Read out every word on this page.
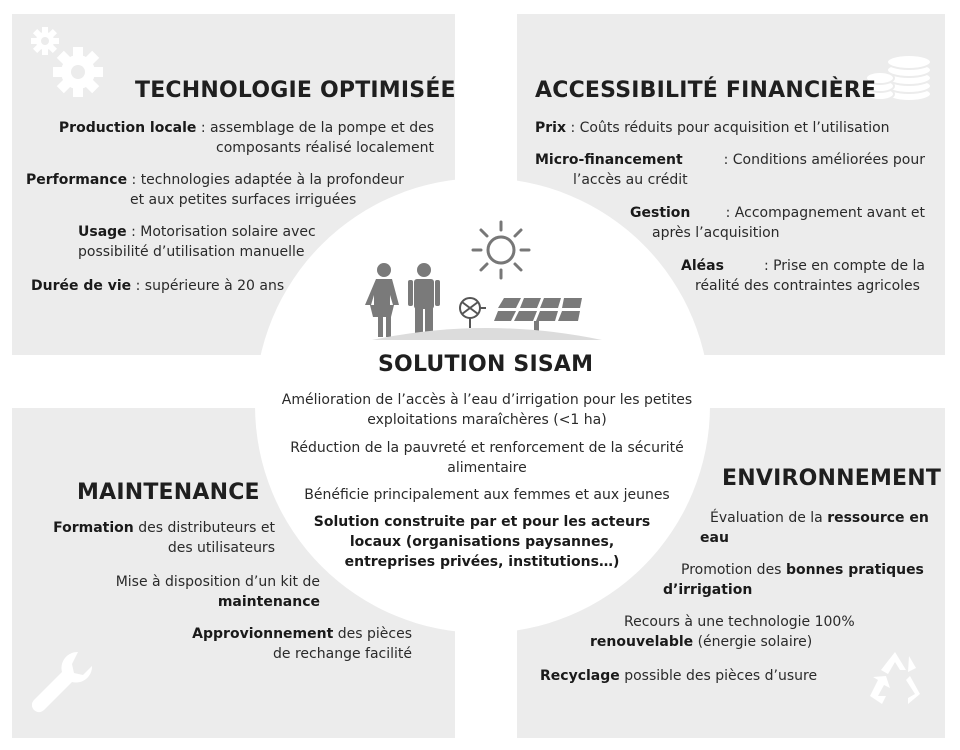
TECHNOLOGIE OPTIMISÉE
Production locale : assemblage de la pompe et des
composants réalisé localement
Performance : technologies adaptée à la profondeur
et aux petites surfaces irriguées
Usage : Motorisation solaire avec
possibilité d’utilisation manuelle
Durée de vie : supérieure à 20 ans
ACCESSIBILITÉ FINANCIÈRE
Prix : Coûts réduits pour acquisition et l’utilisation
Micro-financement	: Conditions améliorées pour
l’accès au crédit
Gestion	: Accompagnement avant et
après l’acquisition
Aléas	: Prise en compte de la
réalité des contraintes agricoles
MAINTENANCE
Formation des distributeurs et
des utilisateurs
Mise à disposition d’un kit de
maintenance
Approvionnement des pièces
de rechange facilité
ENVIRONNEMENT
Évaluation de la ressource en
eau
Promotion des bonnes pratiques
d’irrigation
Recours à une technologie 100%
renouvelable (énergie solaire)
Recyclage possible des pièces d’usure
SOLUTION SISAM
Amélioration de l’accès à l’eau d’irrigation pour les petites
exploitations maraîchères (<1 ha)
Réduction de la pauvreté et renforcement de la sécurité
alimentaire
Bénéficie principalement aux femmes et aux jeunes
Solution construite par et pour les acteurs
locaux (organisations paysannes,
entreprises privées, institutions…)
